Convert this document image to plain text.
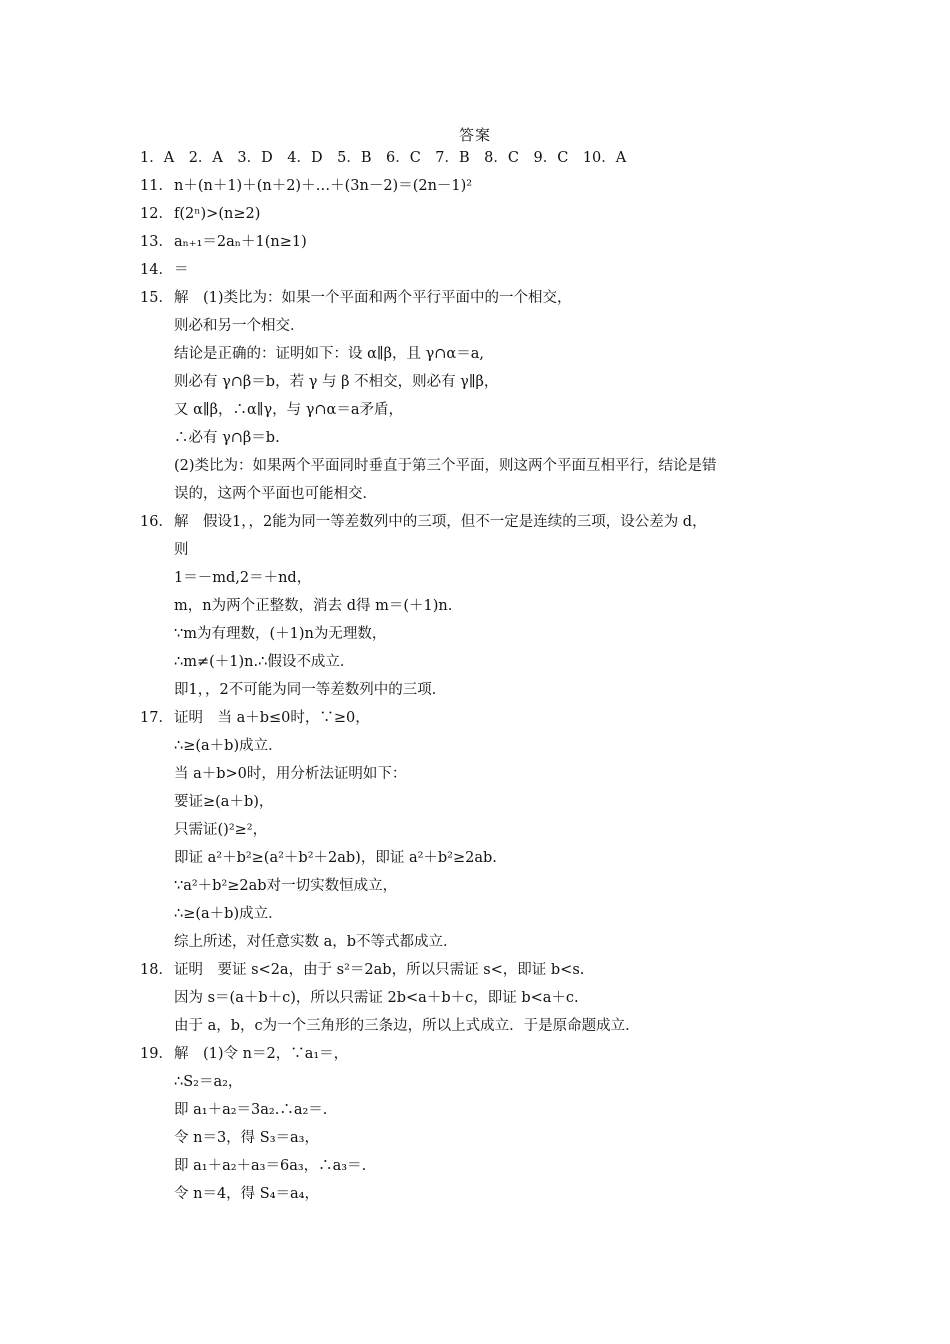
答案
1．A　2．A　3．D　4．D　5．B　6．C　7．B　8．C　9．C　10．A
11．n＋(n＋1)＋(n＋2)＋…＋(3n－2)＝(2n－1)²
12．f(2ⁿ)>(n≥2)
13．aₙ₊₁＝2aₙ＋1(n≥1)
14．＝
15．解　(1)类比为：如果一个平面和两个平行平面中的一个相交，
则必和另一个相交．
结论是正确的：证明如下：设 α∥β，且 γ∩α＝a,
则必有 γ∩β＝b，若 γ 与 β 不相交，则必有 γ∥β，
又 α∥β，∴α∥γ，与 γ∩α＝a矛盾，
∴必有 γ∩β＝b.
(2)类比为：如果两个平面同时垂直于第三个平面，则这两个平面互相平行，结论是错
误的，这两个平面也可能相交．
16．解　假设1，，2能为同一等差数列中的三项，但不一定是连续的三项，设公差为 d，
则
1＝－md,2＝＋nd，
m，n为两个正整数，消去 d得 m＝(＋1)n.
∵m为有理数，(＋1)n为无理数，
∴m≠(＋1)n.∴假设不成立．
即1，，2不可能为同一等差数列中的三项．
17．证明　当 a＋b≤0时，∵≥0，
∴≥(a＋b)成立．
当 a＋b>0时，用分析法证明如下：
要证≥(a＋b)，
只需证()²≥²，
即证 a²＋b²≥(a²＋b²＋2ab)，即证 a²＋b²≥2ab.
∵a²＋b²≥2ab对一切实数恒成立，
∴≥(a＋b)成立．
综上所述，对任意实数 a，b不等式都成立．
18．证明　要证 s<2a，由于 s²＝2ab，所以只需证 s<，即证 b<s.
因为 s＝(a＋b＋c)，所以只需证 2b<a＋b＋c，即证 b<a＋c.
由于 a，b，c为一个三角形的三条边，所以上式成立．于是原命题成立．
19．解　(1)令 n＝2，∵a₁＝，
∴S₂＝a₂，
即 a₁＋a₂＝3a₂.∴a₂＝.
令 n＝3，得 S₃＝a₃，
即 a₁＋a₂＋a₃＝6a₃，∴a₃＝.
令 n＝4，得 S₄＝a₄，
